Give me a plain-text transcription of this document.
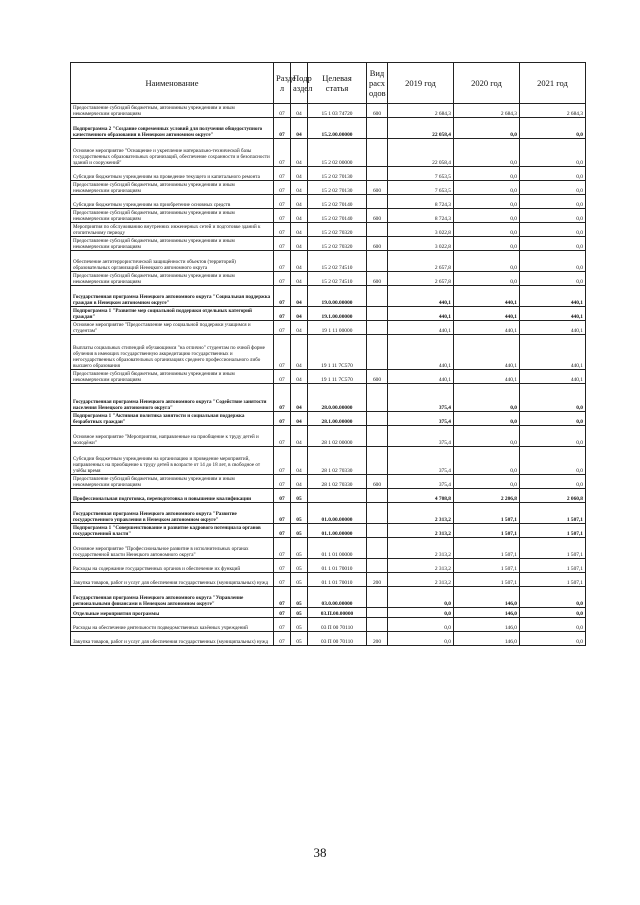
Наименование	Разде л	Подр аздел	Целевая статья	Вид расх одов	2019 год	2020 год	2021 год
Предоставление субсидий бюджетным, автономным учреждениям и иным некоммерческим организациям	07	04	15 1 03 74720	600	2 684,3	2 684,3	2 684,3
Подпрограмма 2 "Создание современных условий для получения общедоступного качественного образования в Ненецком автономном округе"	07	04	15.2.00.00000		22 058,4	0,0	0,0
Основное мероприятие "Оснащение и укрепление материально-технической базы государственных образовательных организаций, обеспечение сохранности и безопасности зданий и сооружений"	07	04	15 2 02 00000		22 058,4	0,0	0,0
Субсидии бюджетным учреждениям на проведение текущего и капитального ремонта	07	04	15 2 02 70130		7 653,5	0,0	0,0
Предоставление субсидий бюджетным, автономным учреждениям и иным некоммерческим организациям	07	04	15 2 02 70130	600	7 653,5	0,0	0,0
Субсидии бюджетным учреждениям на приобретение основных средств	07	04	15 2 02 70140		8 724,3	0,0	0,0
Предоставление субсидий бюджетным, автономным учреждениям и иным некоммерческим организациям	07	04	15 2 02 70140	600	8 724,3	0,0	0,0
Мероприятия по обслуживанию внутренних инженерных сетей и подготовке зданий к отопительному периоду	07	04	15 2 02 70320		3 022,8	0,0	0,0
Предоставление субсидий бюджетным, автономным учреждениям и иным некоммерческим организациям	07	04	15 2 02 70320	600	3 022,8	0,0	0,0
Обеспечение антитеррористической защищённости объектов (территорий) образовательных организаций Ненецкого автономного округа	07	04	15 2 02 74510		2 657,8	0,0	0,0
Предоставление субсидий бюджетным, автономным учреждениям и иным некоммерческим организациям	07	04	15 2 02 74510	600	2 657,8	0,0	0,0
Государственная программа Ненецкого автономного округа "Социальная поддержка граждан в Ненецком автономном округе"	07	04	19.0.00.00000		440,1	440,1	440,1
Подпрограмма 1 "Развитие мер социальной поддержки отдельных категорий граждан"	07	04	19.1.00.00000		440,1	440,1	440,1
Основное мероприятие "Предоставление мер социальной поддержки учащимся и студентам"	07	04	19 1 11 00000		440,1	440,1	440,1
Выплаты социальных стипендий обучающимся "на отлично" студентам по очной форме обучения в имеющих государственную аккредитацию государственных и негосударственных образовательных организациях среднего профессионального либо высшего образования	07	04	19 1 11 7С570		440,1	440,1	440,1
Предоставление субсидий бюджетным, автономным учреждениям и иным некоммерческим организациям	07	04	19 1 11 7С570	600	440,1	440,1	440,1
Государственная программа Ненецкого автономного округа "Содействие занятости населения Ненецкого автономного округа"	07	04	28.0.00.00000		375,4	0,0	0,0
Подпрограмма 1 "Активная политика занятости и социальная поддержка безработных граждан"	07	04	28.1.00.00000		375,4	0,0	0,0
Основное мероприятие "Мероприятия, направленные на приобщение к труду детей и молодёжи"	07	04	28 1 02 00000		375,4	0,0	0,0
Субсидии бюджетным учреждениям на организацию и проведение мероприятий, направленных на приобщение к труду детей в возрасте от 14 до 18 лет, в свободное от учёбы время	07	04	28 1 02 70330		375,4	0,0	0,0
Предоставление субсидий бюджетным, автономным учреждениям и иным некоммерческим организациям	07	04	28 1 02 70330	600	375,4	0,0	0,0
Профессиональная подготовка, переподготовка и повышение квалификации	07	05			4 708,8	2 206,8	2 060,8
Государственная программа Ненецкого автономного округа "Развитие государственного управления в Ненецком автономном округе"	07	05	01.0.00.00000		2 313,2	1 507,1	1 507,1
Подпрограмма 1 "Совершенствование и развитие кадрового потенциала органов государственной власти"	07	05	01.1.00.00000		2 313,2	1 507,1	1 507,1
Основное мероприятие "Профессиональное развитие в исполнительных органах государственной власти Ненецкого автономного округа"	07	05	01 1 01 00000		2 313,2	1 507,1	1 507,1
Расходы на содержание государственных органов и обеспечение их функций	07	05	01 1 01 70010		2 313,2	1 507,1	1 507,1
Закупка товаров, работ и услуг для обеспечения государственных (муниципальных) нужд	07	05	01 1 01 70010	200	2 313,2	1 507,1	1 507,1
Государственная программа Ненецкого автономного округа "Управление региональными финансами в Ненецком автономном округе"	07	05	03.0.00.00000		0,0	146,0	0,0
Отдельные мероприятия программы	07	05	03.П.00.00000		0,0	146,0	0,0
Расходы на обеспечение деятельности подведомственных казённых учреждений	07	05	03 П 00 70110		0,0	146,0	0,0
Закупка товаров, работ и услуг для обеспечения государственных (муниципальных) нужд	07	05	03 П 00 70110	200	0,0	146,0	0,0
38
